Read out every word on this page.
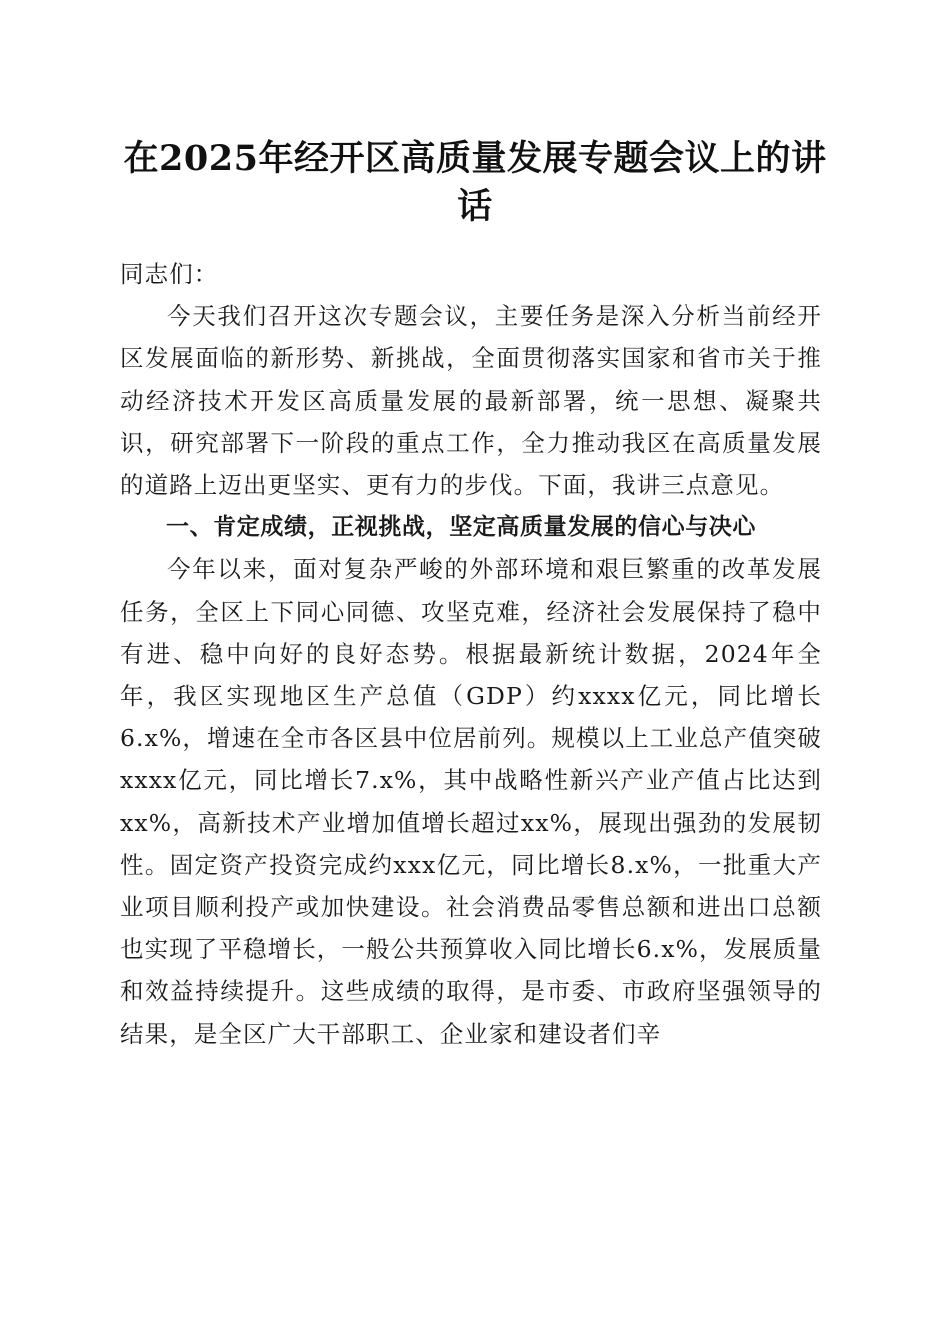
在2025年经开区高质量发展专题会议上的讲话

同志们：

今天我们召开这次专题会议，主要任务是深入分析当前经开区发展面临的新形势、新挑战，全面贯彻落实国家和省市关于推动经济技术开发区高质量发展的最新部署，统一思想、凝聚共识，研究部署下一阶段的重点工作，全力推动我区在高质量发展的道路上迈出更坚实、更有力的步伐。下面，我讲三点意见。

一、肯定成绩，正视挑战，坚定高质量发展的信心与决心

今年以来，面对复杂严峻的外部环境和艰巨繁重的改革发展任务，全区上下同心同德、攻坚克难，经济社会发展保持了稳中有进、稳中向好的良好态势。根据最新统计数据，2024年全年，我区实现地区生产总值（GDP）约xxxx亿元，同比增长6.x%，增速在全市各区县中位居前列。规模以上工业总产值突破xxxx亿元，同比增长7.x%，其中战略性新兴产业产值占比达到xx%，高新技术产业增加值增长超过xx%，展现出强劲的发展韧性。固定资产投资完成约xxx亿元，同比增长8.x%，一批重大产业项目顺利投产或加快建设。社会消费品零售总额和进出口总额也实现了平稳增长，一般公共预算收入同比增长6.x%，发展质量和效益持续提升。这些成绩的取得，是市委、市政府坚强领导的结果，是全区广大干部职工、企业家和建设者们辛
